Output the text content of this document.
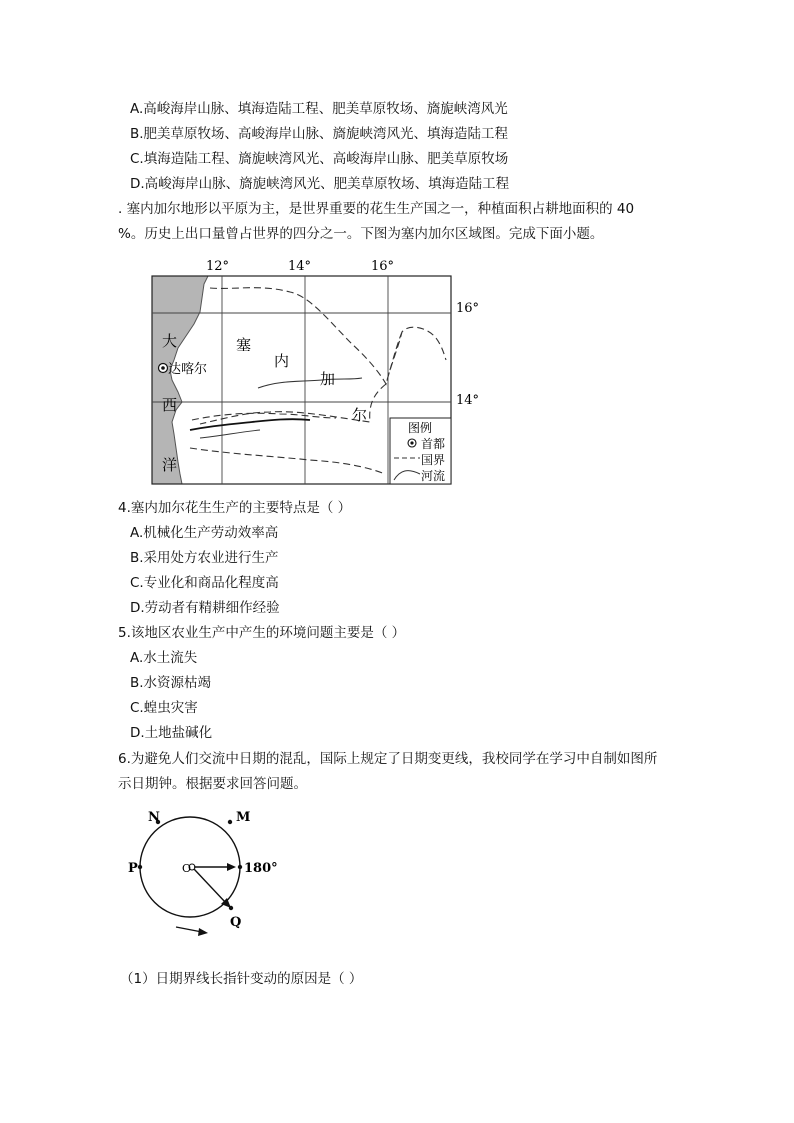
A.高峻海岸山脉、填海造陆工程、肥美草原牧场、旖旎峡湾风光
B.肥美草原牧场、高峻海岸山脉、旖旎峡湾风光、填海造陆工程
C.填海造陆工程、旖旎峡湾风光、高峻海岸山脉、肥美草原牧场
D.高峻海岸山脉、旖旎峡湾风光、肥美草原牧场、填海造陆工程
. 塞内加尔地形以平原为主，是世界重要的花生生产国之一，种植面积占耕地面积的 40
%。历史上出口量曾占世界的四分之一。下图为塞内加尔区域图。完成下面小题。
12°	14°	16°
16°
14°
大
西
洋
塞
内
加
尔
达喀尔
图例
首都
国界
河流
4.塞内加尔花生生产的主要特点是（ ）
A.机械化生产劳动效率高
B.采用处方农业进行生产
C.专业化和商品化程度高
D.劳动者有精耕细作经验
5.该地区农业生产中产生的环境问题主要是（ ）
A.水土流失
B.水资源枯竭
C.蝗虫灾害
D.土地盐碱化
6.为避免人们交流中日期的混乱，国际上规定了日期变更线，我校同学在学习中自制如图所
示日期钟。根据要求回答问题。
N	M
P	O	180°
Q
（1）日期界线长指针变动的原因是（ ）
